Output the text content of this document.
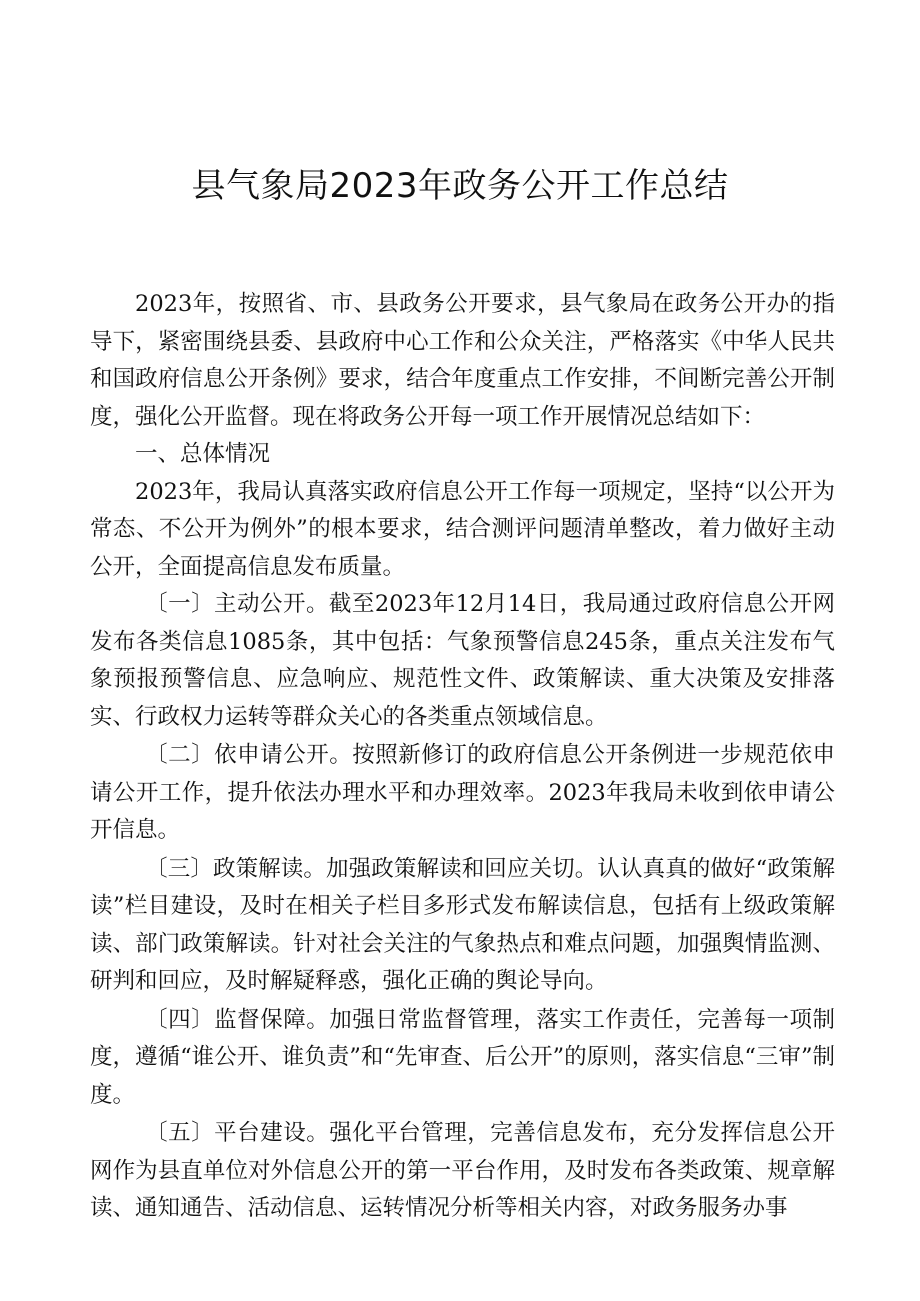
县气象局2023年政务公开工作总结

2023年，按照省、市、县政务公开要求，县气象局在政务公开办的指导下，紧密围绕县委、县政府中心工作和公众关注，严格落实《中华人民共和国政府信息公开条例》要求，结合年度重点工作安排，不间断完善公开制度，强化公开监督。现在将政务公开每一项工作开展情况总结如下：

一、总体情况

2023年，我局认真落实政府信息公开工作每一项规定，坚持“以公开为常态、不公开为例外”的根本要求，结合测评问题清单整改，着力做好主动公开，全面提高信息发布质量。

〔一〕主动公开。截至2023年12月14日，我局通过政府信息公开网发布各类信息1085条，其中包括：气象预警信息245条，重点关注发布气象预报预警信息、应急响应、规范性文件、政策解读、重大决策及安排落实、行政权力运转等群众关心的各类重点领域信息。

〔二〕依申请公开。按照新修订的政府信息公开条例进一步规范依申请公开工作，提升依法办理水平和办理效率。2023年我局未收到依申请公开信息。

〔三〕政策解读。加强政策解读和回应关切。认认真真的做好“政策解读”栏目建设，及时在相关子栏目多形式发布解读信息，包括有上级政策解读、部门政策解读。针对社会关注的气象热点和难点问题，加强舆情监测、研判和回应，及时解疑释惑，强化正确的舆论导向。

〔四〕监督保障。加强日常监督管理，落实工作责任，完善每一项制度，遵循“谁公开、谁负责”和“先审查、后公开”的原则，落实信息“三审”制度。

〔五〕平台建设。强化平台管理，完善信息发布，充分发挥信息公开网作为县直单位对外信息公开的第一平台作用，及时发布各类政策、规章解读、通知通告、活动信息、运转情况分析等相关内容，对政务服务办事
